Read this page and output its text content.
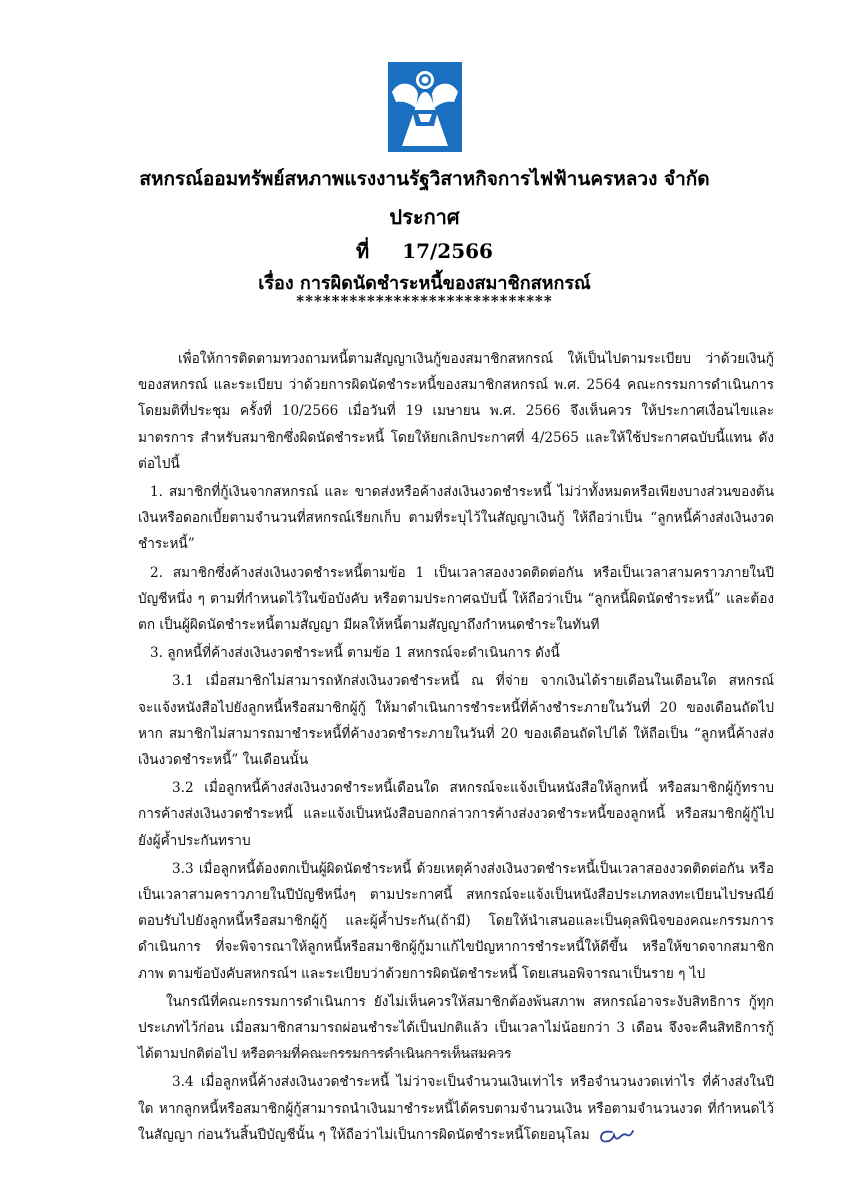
สหกรณ์ออมทรัพย์สหภาพแรงงานรัฐวิสาหกิจการไฟฟ้านครหลวง จำกัด
ประกาศ
ที่ 17/2566
เรื่อง การผิดนัดชำระหนี้ของสมาชิกสหกรณ์
*****************************

เพื่อให้การติดตามทวงถามหนี้ตามสัญญาเงินกู้ของสมาชิกสหกรณ์ ให้เป็นไปตามระเบียบ ว่าด้วยเงินกู้ของสหกรณ์ และระเบียบ ว่าด้วยการผิดนัดชำระหนี้ของสมาชิกสหกรณ์ พ.ศ. 2564 คณะกรรมการดำเนินการ โดยมติที่ประชุม ครั้งที่ 10/2566 เมื่อวันที่ 19 เมษายน พ.ศ. 2566 จึงเห็นควร ให้ประกาศเงื่อนไขและมาตรการ สำหรับสมาชิกซึ่งผิดนัดชำระหนี้ โดยให้ยกเลิกประกาศที่ 4/2565 และให้ใช้ประกาศฉบับนี้แทน ดังต่อไปนี้

1. สมาชิกที่กู้เงินจากสหกรณ์ และ ขาดส่งหรือค้างส่งเงินงวดชำระหนี้ ไม่ว่าทั้งหมดหรือเพียงบางส่วนของต้นเงินหรือดอกเบี้ยตามจำนวนที่สหกรณ์เรียกเก็บ ตามที่ระบุไว้ในสัญญาเงินกู้ ให้ถือว่าเป็น “ลูกหนี้ค้างส่งเงินงวดชำระหนี้”

2. สมาชิกซึ่งค้างส่งเงินงวดชำระหนี้ตามข้อ 1 เป็นเวลาสองงวดติดต่อกัน หรือเป็นเวลาสามคราวภายในปีบัญชีหนึ่ง ๆ ตามที่กำหนดไว้ในข้อบังคับ หรือตามประกาศฉบับนี้ ให้ถือว่าเป็น “ลูกหนี้ผิดนัดชำระหนี้” และต้องตก เป็นผู้ผิดนัดชำระหนี้ตามสัญญา มีผลให้หนี้ตามสัญญาถึงกำหนดชำระในทันที

3. ลูกหนี้ที่ค้างส่งเงินงวดชำระหนี้ ตามข้อ 1 สหกรณ์จะดำเนินการ ดังนี้

3.1 เมื่อสมาชิกไม่สามารถหักส่งเงินงวดชำระหนี้ ณ ที่จ่าย จากเงินได้รายเดือนในเดือนใด สหกรณ์จะแจ้งหนังสือไปยังลูกหนี้หรือสมาชิกผู้กู้ ให้มาดำเนินการชำระหนี้ที่ค้างชำระภายในวันที่ 20 ของเดือนถัดไป หาก สมาชิกไม่สามารถมาชำระหนี้ที่ค้างงวดชำระภายในวันที่ 20 ของเดือนถัดไปได้ ให้ถือเป็น “ลูกหนี้ค้างส่งเงินงวดชำระหนี้” ในเดือนนั้น

3.2 เมื่อลูกหนี้ค้างส่งเงินงวดชำระหนี้เดือนใด สหกรณ์จะแจ้งเป็นหนังสือให้ลูกหนี้ หรือสมาชิกผู้กู้ทราบการค้างส่งเงินงวดชำระหนี้ และแจ้งเป็นหนังสือบอกกล่าวการค้างส่งงวดชำระหนี้ของลูกหนี้ หรือสมาชิกผู้กู้ไปยังผู้ค้ำประกันทราบ

3.3 เมื่อลูกหนี้ต้องตกเป็นผู้ผิดนัดชำระหนี้ ด้วยเหตุค้างส่งเงินงวดชำระหนี้เป็นเวลาสองงวดติดต่อกัน หรือเป็นเวลาสามคราวภายในปีบัญชีหนึ่งๆ ตามประกาศนี้ สหกรณ์จะแจ้งเป็นหนังสือประเภทลงทะเบียนไปรษณีย์ ตอบรับไปยังลูกหนี้หรือสมาชิกผู้กู้ และผู้ค้ำประกัน(ถ้ามี) โดยให้นำเสนอและเป็นดุลพินิจของคณะกรรมการ ดำเนินการ ที่จะพิจารณาให้ลูกหนี้หรือสมาชิกผู้กู้มาแก้ไขปัญหาการชำระหนี้ให้ดีขึ้น หรือให้ขาดจากสมาชิกภาพ ตามข้อบังคับสหกรณ์ฯ และระเบียบว่าด้วยการผิดนัดชำระหนี้ โดยเสนอพิจารณาเป็นราย ๆ ไป

ในกรณีที่คณะกรรมการดำเนินการ ยังไม่เห็นควรให้สมาชิกต้องพ้นสภาพ สหกรณ์อาจระงับสิทธิการ กู้ทุกประเภทไว้ก่อน เมื่อสมาชิกสามารถผ่อนชำระได้เป็นปกติแล้ว เป็นเวลาไม่น้อยกว่า 3 เดือน จึงจะคืนสิทธิการกู้ได้ตามปกติต่อไป หรือตามที่คณะกรรมการดำเนินการเห็นสมควร

3.4 เมื่อลูกหนี้ค้างส่งเงินงวดชำระหนี้ ไม่ว่าจะเป็นจำนวนเงินเท่าไร หรือจำนวนงวดเท่าไร ที่ค้างส่งในปีใด หากลูกหนี้หรือสมาชิกผู้กู้สามารถนำเงินมาชำระหนี้ได้ครบตามจำนวนเงิน หรือตามจำนวนงวด ที่กำหนดไว้ในสัญญา ก่อนวันสิ้นปีบัญชีนั้น ๆ ให้ถือว่าไม่เป็นการผิดนัดชำระหนี้โดยอนุโลม
